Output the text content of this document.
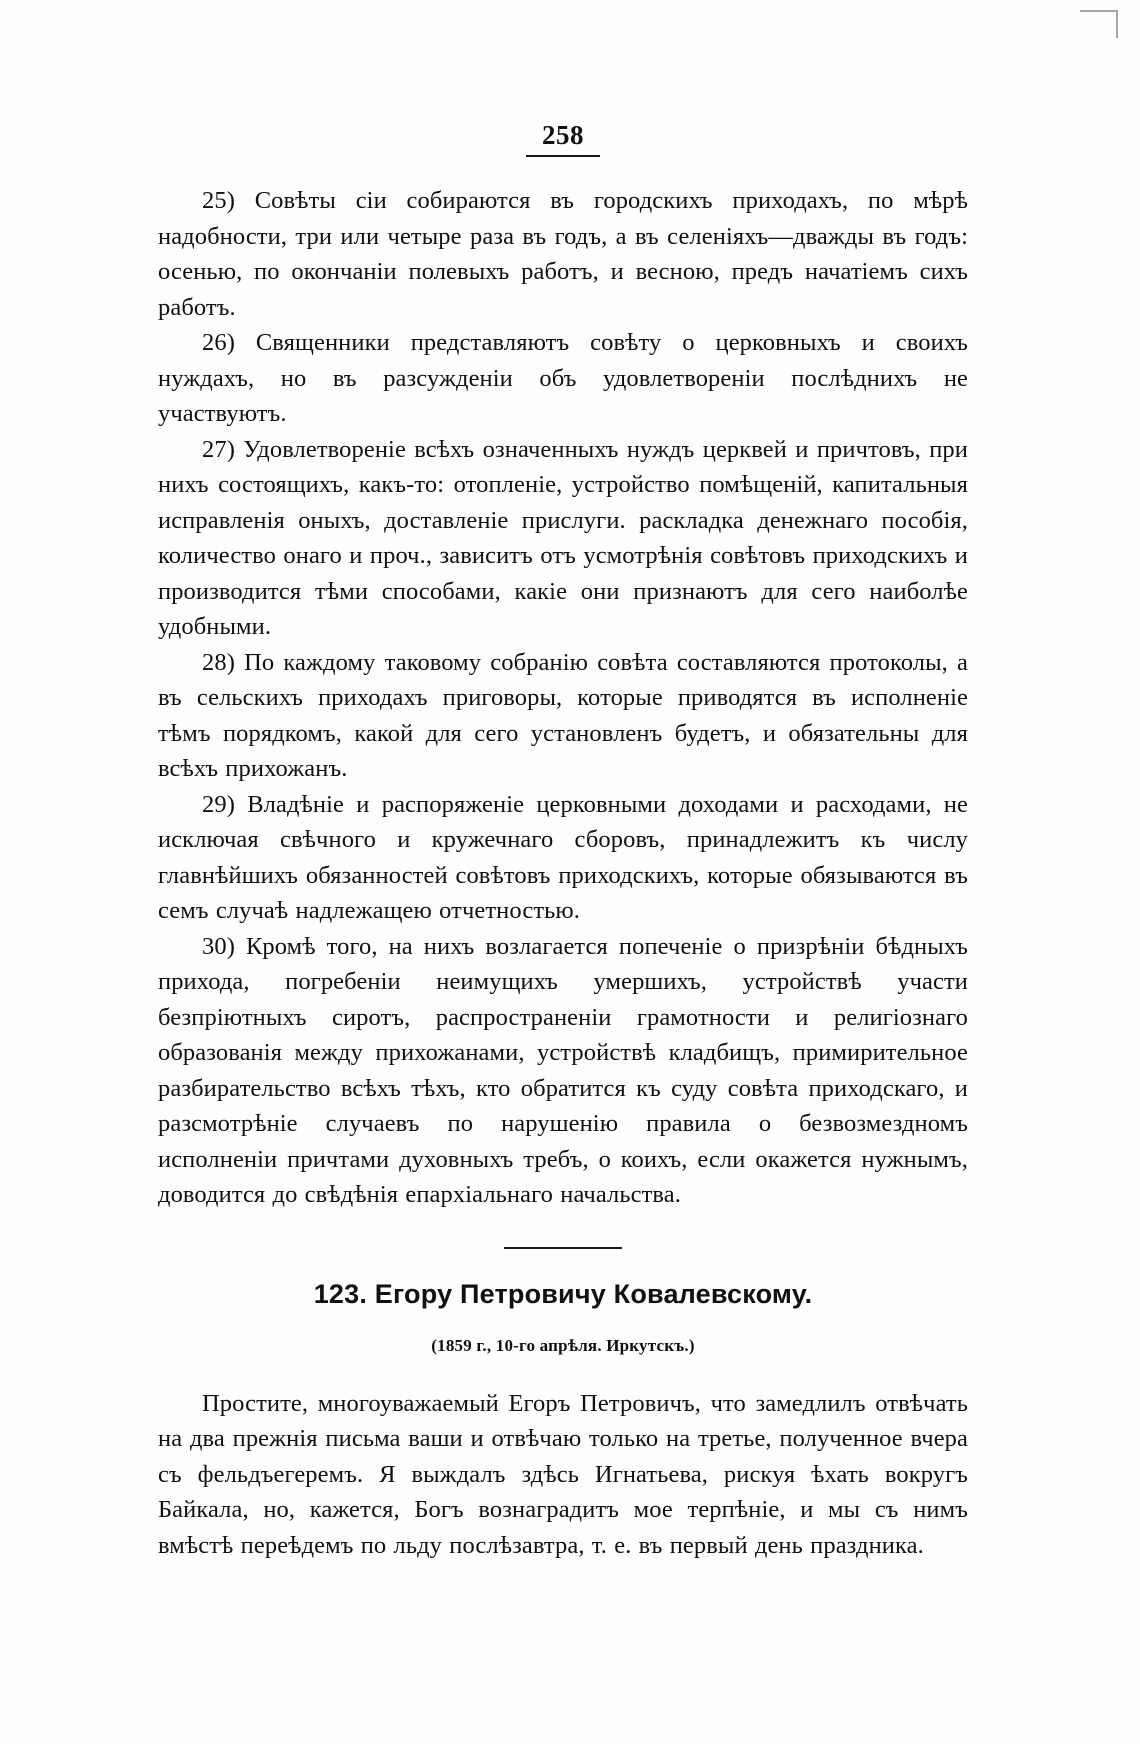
258

25) Совѣты сіи собираются въ городскихъ приходахъ, по мѣрѣ надобности, три или четыре раза въ годъ, а въ селеніяхъ—дважды въ годъ: осенью, по окончаніи полевыхъ работъ, и весною, предъ начатіемъ сихъ работъ.

26) Священники представляютъ совѣту о церковныхъ и своихъ нуждахъ, но въ разсужденіи объ удовлетвореніи послѣднихъ не участвуютъ.

27) Удовлетвореніе всѣхъ означенныхъ нуждъ церквей и причтовъ, при нихъ состоящихъ, какъ-то: отопленіе, устройство помѣщеній, капитальныя исправленія оныхъ, доставленіе прислуги. раскладка денежнаго пособія, количество онаго и проч., зависитъ отъ усмотрѣнія совѣтовъ приходскихъ и производится тѣми способами, какіе они признаютъ для сего наиболѣе удобными.

28) По каждому таковому собранію совѣта составляются протоколы, а въ сельскихъ приходахъ приговоры, которые приводятся въ исполненіе тѣмъ порядкомъ, какой для сего установленъ будетъ, и обязательны для всѣхъ прихожанъ.

29) Владѣніе и распоряженіе церковными доходами и расходами, не исключая свѣчного и кружечнаго сборовъ, принадлежитъ къ числу главнѣйшихъ обязанностей совѣтовъ приходскихъ, которые обязываются въ семъ случаѣ надлежащею отчетностью.

30) Кромѣ того, на нихъ возлагается попеченіе о призрѣніи бѣдныхъ прихода, погребеніи неимущихъ умершихъ, устройствѣ участи безпріютныхъ сиротъ, распространеніи грамотности и религіознаго образованія между прихожанами, устройствѣ кладбищъ, примирительное разбирательство всѣхъ тѣхъ, кто обратится къ суду совѣта приходскаго, и разсмотрѣніе случаевъ по нарушенію правила о безвозмездномъ исполненіи причтами духовныхъ требъ, о коихъ, если окажется нужнымъ, доводится до свѣдѣнія епархіальнаго начальства.

123. Егору Петровичу Ковалевскому.
(1859 г., 10-го апрѣля. Иркутскъ.)

Простите, многоуважаемый Егоръ Петровичъ, что замедлилъ отвѣчать на два прежнія письма ваши и отвѣчаю только на третье, полученное вчера съ фельдъегеремъ. Я выждалъ здѣсь Игнатьева, рискуя ѣхать вокругъ Байкала, но, кажется, Богъ вознаградитъ мое терпѣніе, и мы съ нимъ вмѣстѣ переѣдемъ по льду послѣзавтра, т. е. въ первый день праздника.
